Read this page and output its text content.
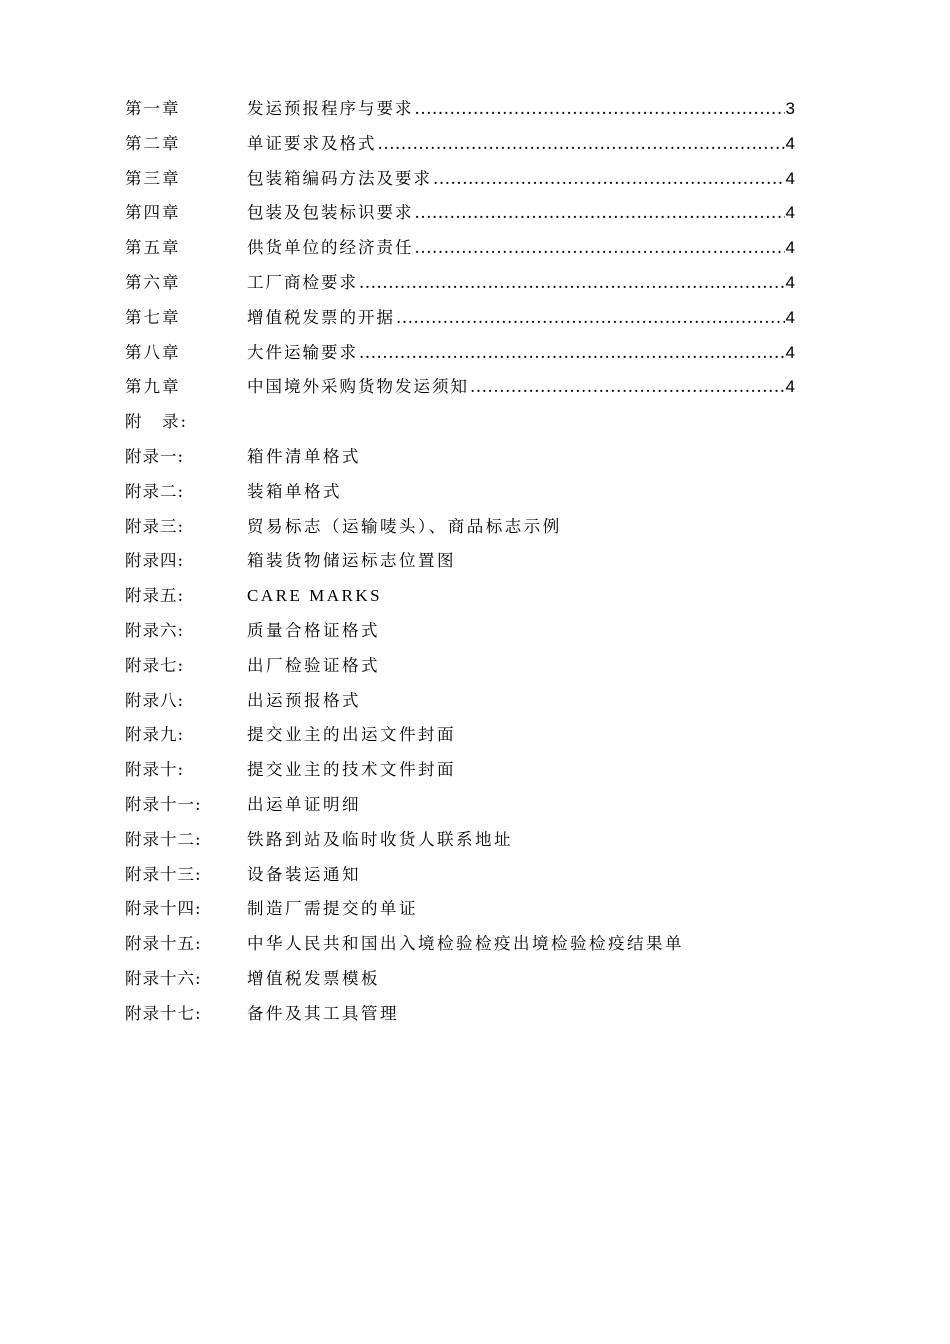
第一章	发运预报程序与要求 .....	3
第二章	单证要求及格式 .....	4
第三章	包装箱编码方法及要求 .....	4
第四章	包装及包装标识要求 .....	4
第五章	供货单位的经济责任 .....	4
第六章	工厂商检要求 .....	4
第七章	增值税发票的开据 .....	4
第八章	大件运输要求 .....	4
第九章	中国境外采购货物发运须知 .....	4
附　录:
附录一:	箱件清单格式
附录二:	装箱单格式
附录三:	贸易标志（运输唛头）、商品标志示例
附录四:	箱装货物储运标志位置图
附录五:	CARE MARKS
附录六:	质量合格证格式
附录七:	出厂检验证格式
附录八:	出运预报格式
附录九:	提交业主的出运文件封面
附录十:	提交业主的技术文件封面
附录十一:	出运单证明细
附录十二:	铁路到站及临时收货人联系地址
附录十三:	设备装运通知
附录十四:	制造厂需提交的单证
附录十五:	中华人民共和国出入境检验检疫出境检验检疫结果单
附录十六:	增值税发票模板
附录十七:	备件及其工具管理
